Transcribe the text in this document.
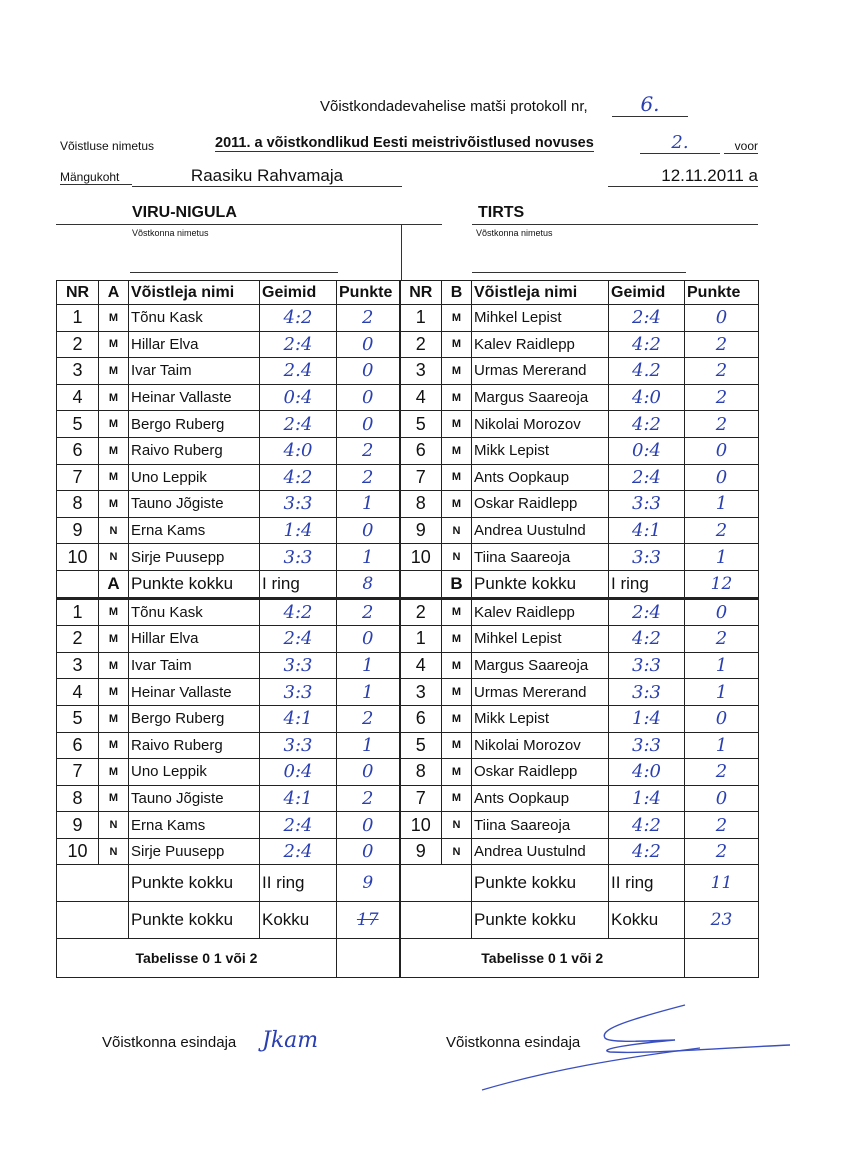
Võistkondadevahelise matši protokoll nr,	6.
Võistluse nimetus	2011. a võistkondlikud Eesti meistrivõistlused novuses	2.	voor
Mängukoht	Raasiku Rahvamaja	12.11.2011 a
VIRU-NIGULA
Võstkonna nimetus
TIRTS
Võstkonna nimetus
NR	A	Võistleja nimi	Geimid	Punkte	NR	B	Võistleja nimi	Geimid	Punkte
1	M	Tõnu Kask	4:2	2	1	M	Mihkel Lepist	2:4	0
2	M	Hillar Elva	2:4	0	2	M	Kalev Raidlepp	4:2	2
3	M	Ivar Taim	2.4	0	3	M	Urmas Mererand	4.2	2
4	M	Heinar Vallaste	0:4	0	4	M	Margus Saareoja	4:0	2
5	M	Bergo Ruberg	2:4	0	5	M	Nikolai Morozov	4:2	2
6	M	Raivo Ruberg	4:0	2	6	M	Mikk Lepist	0:4	0
7	M	Uno Leppik	4:2	2	7	M	Ants Oopkaup	2:4	0
8	M	Tauno Jõgiste	3:3	1	8	M	Oskar Raidlepp	3:3	1
9	N	Erna Kams	1:4	0	9	N	Andrea Uustulnd	4:1	2
10	N	Sirje Puusepp	3:3	1	10	N	Tiina Saareoja	3:3	1
	A	Punkte kokku	I ring	8		B	Punkte kokku	I ring	12
1	M	Tõnu Kask	4:2	2	2	M	Kalev Raidlepp	2:4	0
2	M	Hillar Elva	2:4	0	1	M	Mihkel Lepist	4:2	2
3	M	Ivar Taim	3:3	1	4	M	Margus Saareoja	3:3	1
4	M	Heinar Vallaste	3:3	1	3	M	Urmas Mererand	3:3	1
5	M	Bergo Ruberg	4:1	2	6	M	Mikk Lepist	1:4	0
6	M	Raivo Ruberg	3:3	1	5	M	Nikolai Morozov	3:3	1
7	M	Uno Leppik	0:4	0	8	M	Oskar Raidlepp	4:0	2
8	M	Tauno Jõgiste	4:1	2	7	M	Ants Oopkaup	1:4	0
9	N	Erna Kams	2:4	0	10	N	Tiina Saareoja	4:2	2
10	N	Sirje Puusepp	2:4	0	9	N	Andrea Uustulnd	4:2	2
		Punkte kokku	II ring	9			Punkte kokku	II ring	11
		Punkte kokku	Kokku	17			Punkte kokku	Kokku	23
Tabelisse 0 1 või 2					Tabelisse 0 1 või 2				
Võistkonna esindaja Jkam	Võistkonna esindaja
